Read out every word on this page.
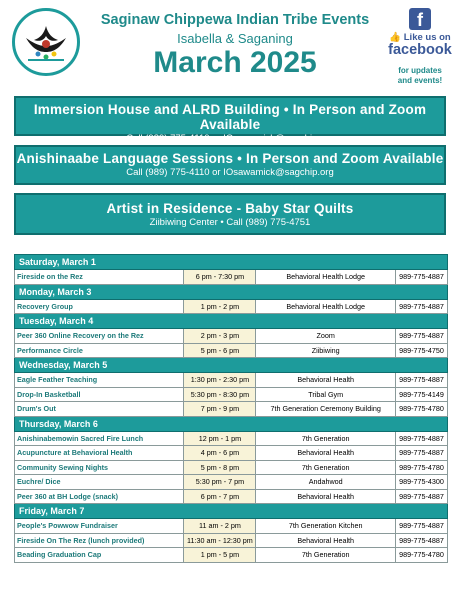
Saginaw Chippewa Indian Tribe Events
Isabella & Saganing
March 2025
f
👍 Like us on
facebook
for updates
and events!
Immersion House and ALRD Building • In Person and Zoom Available
Call (989) 775-4110 or IOsawamick@sagchip.org
Anishinaabe Language Sessions • In Person and Zoom Available
Call (989) 775-4110 or IOsawamick@sagchip.org
Artist in Residence - Baby Star Quilts
Ziibiwing Center • Call (989) 775-4751
Saturday, March 1			
Fireside on the Rez	6 pm - 7:30 pm	Behavioral Health Lodge	989-775-4887
Monday, March 3			
Recovery Group	1 pm - 2 pm	Behavioral Health Lodge	989-775-4887
Tuesday, March 4			
Peer 360 Online Recovery on the Rez	2 pm - 3 pm	Zoom	989-775-4887
Performance Circle	5 pm - 6 pm	Ziibiwing	989-775-4750
Wednesday, March 5			
Eagle Feather Teaching	1:30 pm - 2:30 pm	Behavioral Health	989-775-4887
Drop-In Basketball	5:30 pm - 8:30 pm	Tribal Gym	989-775-4149
Drum's Out	7 pm - 9 pm	7th Generation Ceremony Building	989-775-4780
Thursday, March 6			
Anishinabemowin Sacred Fire Lunch	12 pm - 1 pm	7th Generation	989-775-4887
Acupuncture at Behavioral Health	4 pm - 6 pm	Behavioral Health	989-775-4887
Community Sewing Nights	5 pm - 8 pm	7th Generation	989-775-4780
Euchre/ Dice	5:30 pm - 7 pm	Andahwod	989-775-4300
Peer 360 at BH Lodge (snack)	6 pm - 7 pm	Behavioral Health	989-775-4887
Friday, March 7			
People's Powwow Fundraiser	11 am - 2 pm	7th Generation Kitchen	989-775-4887
Fireside On The Rez (lunch provided)	11:30 am - 12:30 pm	Behavioral Health	989-775-4887
Beading Graduation Cap	1 pm - 5 pm	7th Generation	989-775-4780
